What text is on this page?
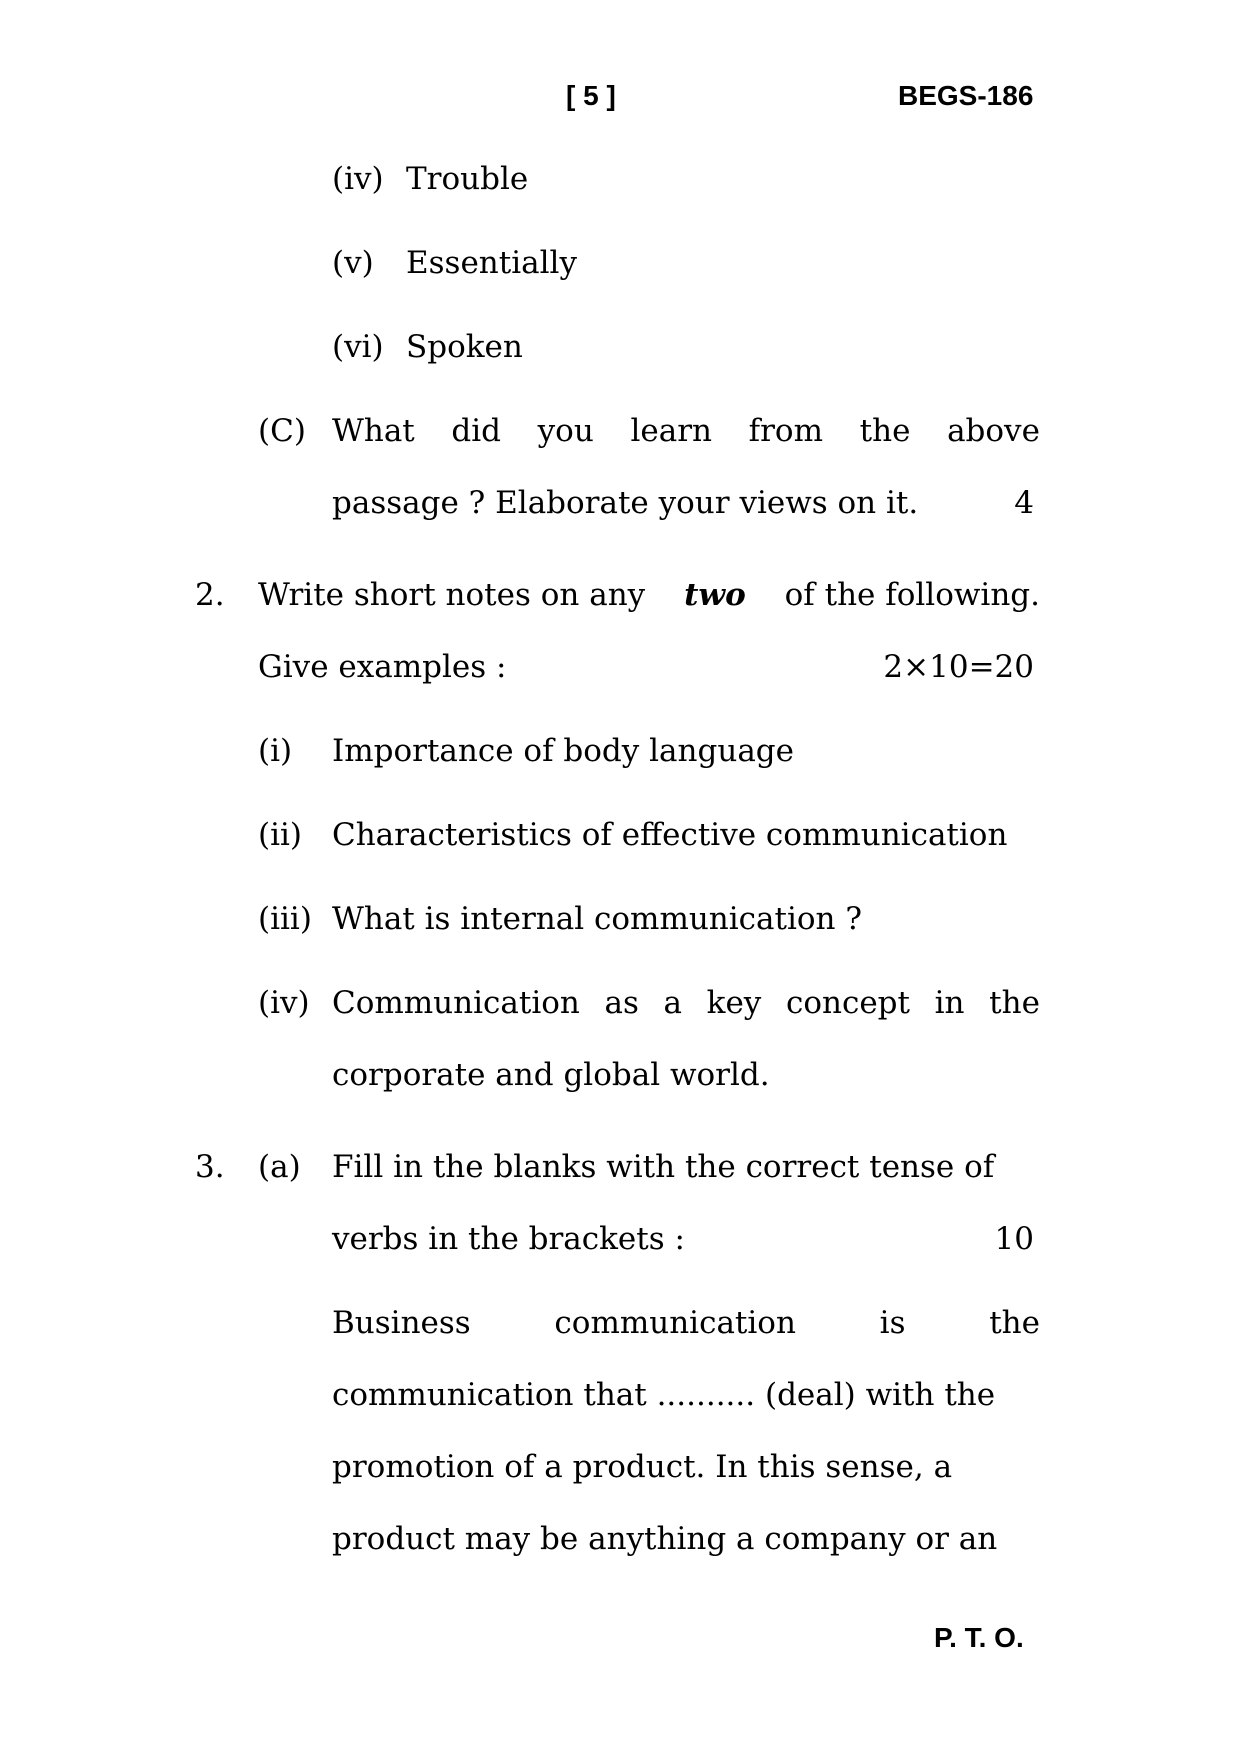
[ 5 ]	BEGS-186
(iv) Trouble
(v) Essentially
(vi) Spoken
(C) What did you learn from the above
passage ? Elaborate your views on it.	4
2. Write short notes on any two of the following.
Give examples :	2×10=20
(i) Importance of body language
(ii) Characteristics of effective communication
(iii) What is internal communication ?
(iv) Communication as a key concept in the
corporate and global world.
3. (a) Fill in the blanks with the correct tense of
verbs in the brackets :	10
Business	communication	is	the
communication that .......... (deal) with the
promotion of a product. In this sense, a
product may be anything a company or an
P. T. O.
